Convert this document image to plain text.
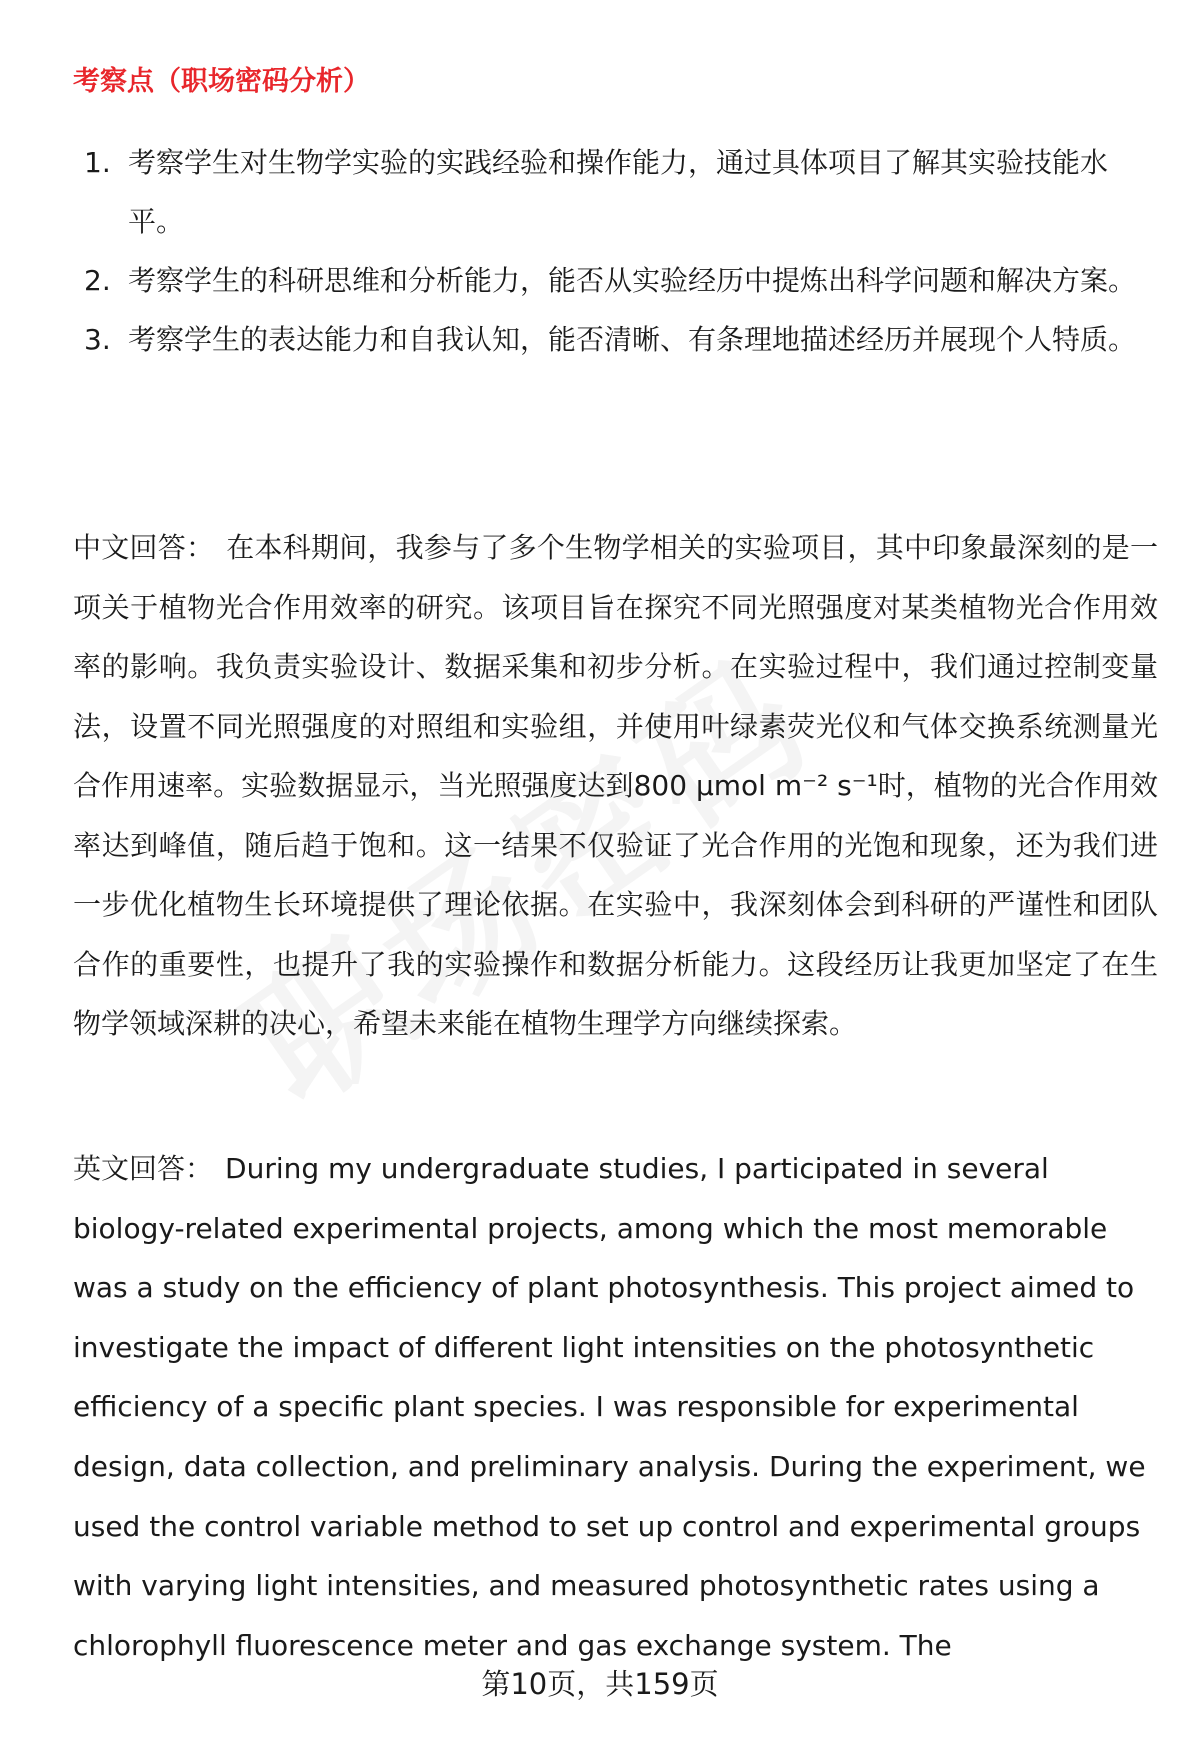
考察点（职场密码分析）
1. 考察学生对生物学实验的实践经验和操作能力，通过具体项目了解其实验技能水平。
2. 考察学生的科研思维和分析能力，能否从实验经历中提炼出科学问题和解决方案。
3. 考察学生的表达能力和自我认知，能否清晰、有条理地描述经历并展现个人特质。

中文回答： 在本科期间，我参与了多个生物学相关的实验项目，其中印象最深刻的是一项关于植物光合作用效率的研究。该项目旨在探究不同光照强度对某类植物光合作用效率的影响。我负责实验设计、数据采集和初步分析。在实验过程中，我们通过控制变量法，设置不同光照强度的对照组和实验组，并使用叶绿素荧光仪和气体交换系统测量光合作用速率。实验数据显示，当光照强度达到800 μmol m⁻² s⁻¹时，植物的光合作用效率达到峰值，随后趋于饱和。这一结果不仅验证了光合作用的光饱和现象，还为我们进一步优化植物生长环境提供了理论依据。在实验中，我深刻体会到科研的严谨性和团队合作的重要性，也提升了我的实验操作和数据分析能力。这段经历让我更加坚定了在生物学领域深耕的决心，希望未来能在植物生理学方向继续探索。

英文回答： During my undergraduate studies, I participated in several biology-related experimental projects, among which the most memorable was a study on the efficiency of plant photosynthesis. This project aimed to investigate the impact of different light intensities on the photosynthetic efficiency of a specific plant species. I was responsible for experimental design, data collection, and preliminary analysis. During the experiment, we used the control variable method to set up control and experimental groups with varying light intensities, and measured photosynthetic rates using a chlorophyll fluorescence meter and gas exchange system. The

第10页，共159页
